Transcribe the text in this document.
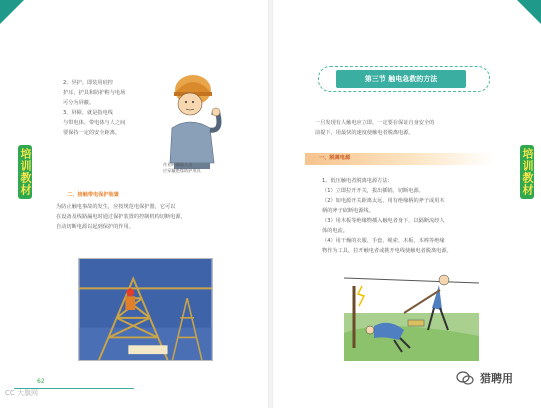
培训教材	培训教材
2、异护。即装用硅控
护耳，护具和防护鞋与电场
可分为屏蔽。
3、屏障。就是指电线
与带电体、带电体与人之间
要保持一定的安全距离。
作业时确保人员
应穿戴绝缘防护用具
二、接触带电保护装置
为防止触电事故的发生，应按规范电保护器，它可以
在设备及线路漏电时通过保护装置的控制机构切断电源，
自动切断电源以起到保护的作用。
62
CC 大旗网
第三节 触电急救的方法
一旦发现有人触电应立即，一定要在保证自身安全的
前提下，用最快的速度使触电者脱离电源。
一、脱离电源
1、低压触电者脱离电源方法：
（1）立即拉开开关，拔出插销，切断电源。
（2）如电源开关距离太远，用有绝缘柄的斧子或用木
柄的斧子砍断电源线。
（3）用木板等绝缘物插入触电者身下，以隔断流经人
体的电流。
（4）用干燥的衣服、手套、绳索、木板、木棒等绝缘
物作为工具，拉开触电者或挑开电线使触电者脱离电源。
猎聘用
